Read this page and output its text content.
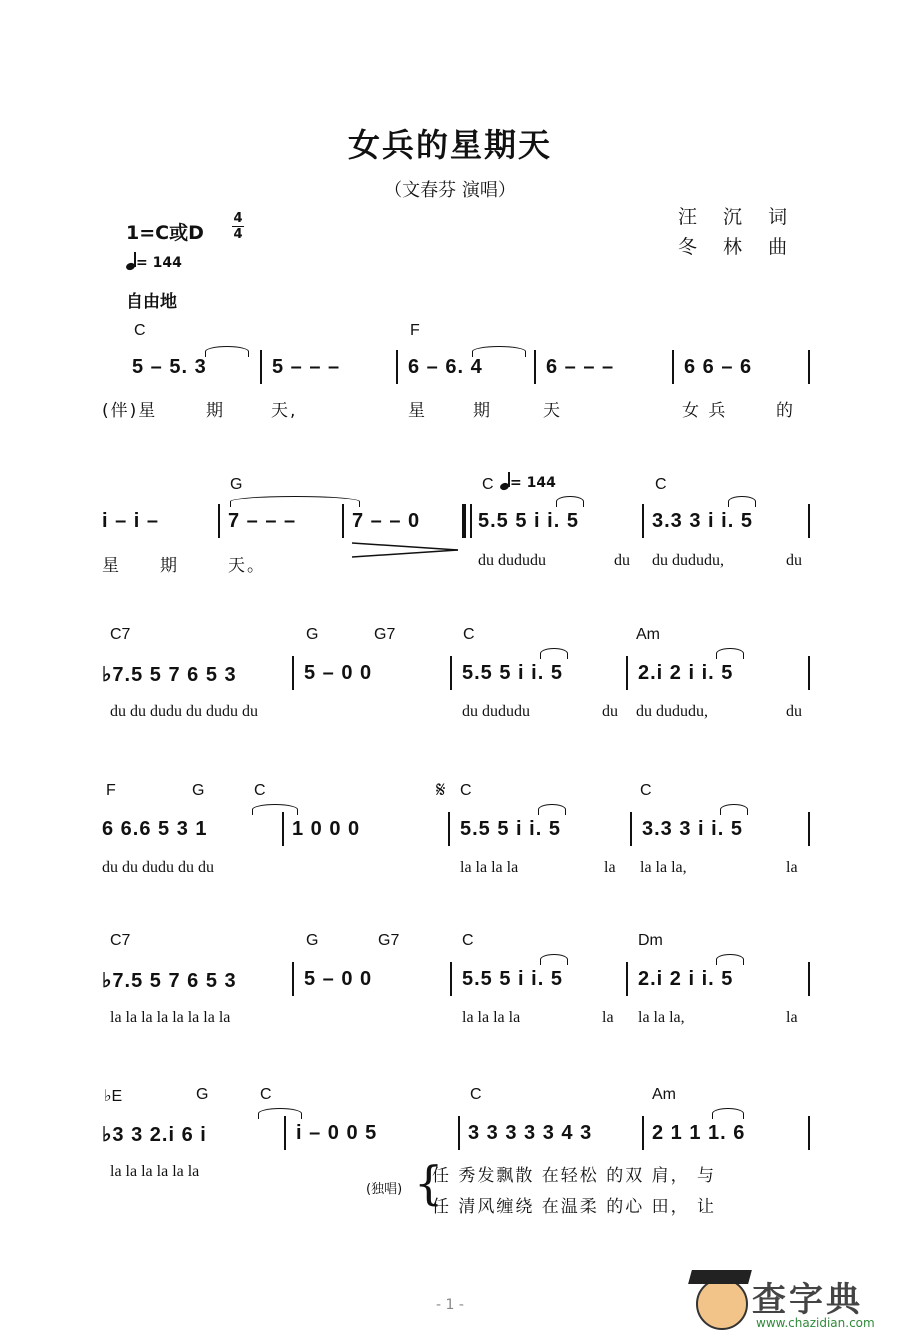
女兵的星期天
（文春芬 演唱）
汪 沉 词
冬 林 曲
1=C或D
4
4
= 144
自由地
C	F
5 – 5. 3	5 – – –	6 – 6. 4	6 – – –	6 6 – 6
(伴)星	期	天,	星	期	天	女 兵	的
G	C	= 144	C
i – i –	7 – – –	7 – – 0	5.5 5 i i. 5	3.3 3 i i. 5
星 期	天。	du dududu	du du dududu,	du
C7	G	G7	C	Am
♭7.5 5 7 6 5 3	5 – 0 0	5.5 5 i i. 5	2.i 2 i i. 5
du du dudu du dudu du	du dududu	du du dududu,	du
F	G	C	𝄋 C	C
6 6.6 5 3 1	1 0 0 0	5.5 5 i i. 5	3.3 3 i i. 5
du du dudu du du	la la la la	la la la la,	la
C7	G	G7	C	Dm
♭7.5 5 7 6 5 3	5 – 0 0	5.5 5 i i. 5	2.i 2 i i. 5
la la la la la la la la	la la la la	la la la la,	la
♭E	G	C	C	Am
♭3 3 2.i 6 i	i – 0 0 5	3 3 3 3 3 4 3	2 1 1 1. 6
la la la la la la
(独唱) {
任 秀发飘散 在轻松 的双 肩， 与
任 清风缠绕 在温柔 的心 田， 让
- 1 -	查字典
www.chazidian.com
